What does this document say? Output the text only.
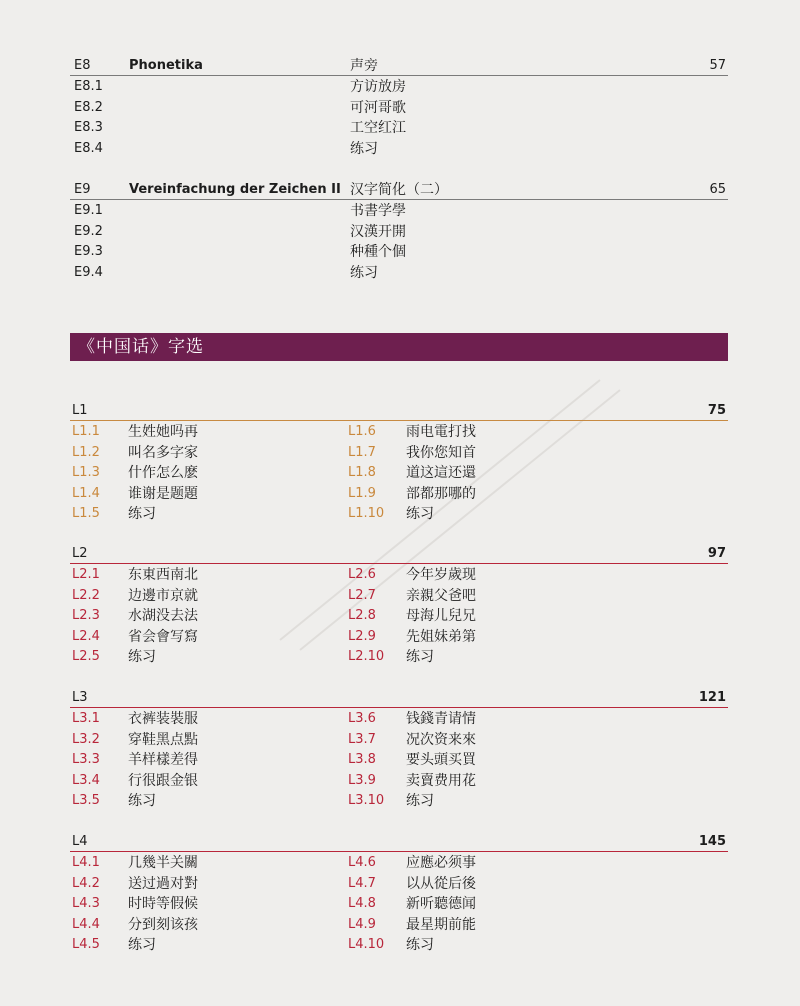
E8	Phonetika	声旁	57
E8.1	方访放房
E8.2	可河哥歌
E8.3	工空红江
E8.4	练习
E9	Vereinfachung der Zeichen II 汉字简化（二）	65
E9.1	书書学學
E9.2	汉漢开開
E9.3	种種个個
E9.4	练习
《中国话》字选
L1	75
L1.1 生姓她吗再	L1.6 雨电電打找
L1.2 叫名多字家	L1.7 我你您知首
L1.3 什作怎么麽	L1.8 道这這还還
L1.4 谁谢是题題	L1.9 部都那哪的
L1.5 练习	L1.10 练习
L2	97
L2.1 东東西南北	L2.6 今年岁歲现
L2.2 边邊市京就	L2.7 亲親父爸吧
L2.3 水湖没去法	L2.8 母海儿兒兄
L2.4 省会會写寫	L2.9 先姐妹弟第
L2.5 练习	L2.10 练习
L3	121
L3.1 衣裤装裝服	L3.6 钱錢青请情
L3.2 穿鞋黑点點	L3.7 况次资来來
L3.3 羊样樣差得	L3.8 要头頭买買
L3.4 行很跟金银	L3.9 卖賣费用花
L3.5 练习	L3.10 练习
L4	145
L4.1 几幾半关關	L4.6 应應必须事
L4.2 送过過对對	L4.7 以从從后後
L4.3 时時等假候	L4.8 新听聽德闻
L4.4 分到刻该孩	L4.9 最星期前能
L4.5 练习	L4.10 练习
